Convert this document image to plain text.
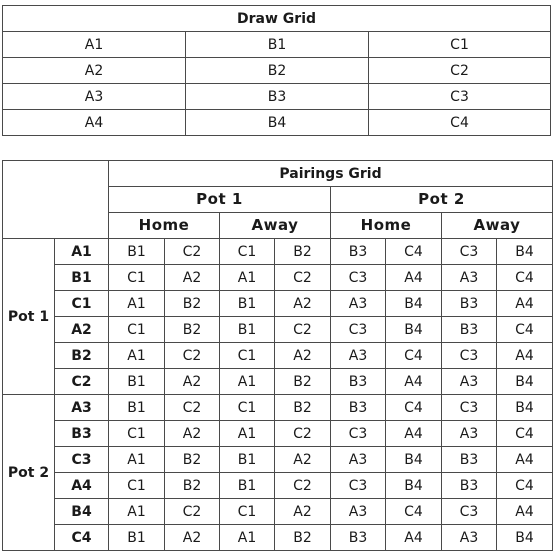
Draw Grid		
A1	B1	C1
A2	B2	C2
A3	B3	C3
A4	B4	C4
		Pairings Grid							
		Pot 1				Pot 2			
		Home		Away		Home		Away	
Pot 1	A1	B1	C2	C1	B2	B3	C4	C3	B4
	B1	C1	A2	A1	C2	C3	A4	A3	C4
	C1	A1	B2	B1	A2	A3	B4	B3	A4
	A2	C1	B2	B1	C2	C3	B4	B3	C4
	B2	A1	C2	C1	A2	A3	C4	C3	A4
	C2	B1	A2	A1	B2	B3	A4	A3	B4
Pot 2	A3	B1	C2	C1	B2	B3	C4	C3	B4
	B3	C1	A2	A1	C2	C3	A4	A3	C4
	C3	A1	B2	B1	A2	A3	B4	B3	A4
	A4	C1	B2	B1	C2	C3	B4	B3	C4
	B4	A1	C2	C1	A2	A3	C4	C3	A4
	C4	B1	A2	A1	B2	B3	A4	A3	B4
